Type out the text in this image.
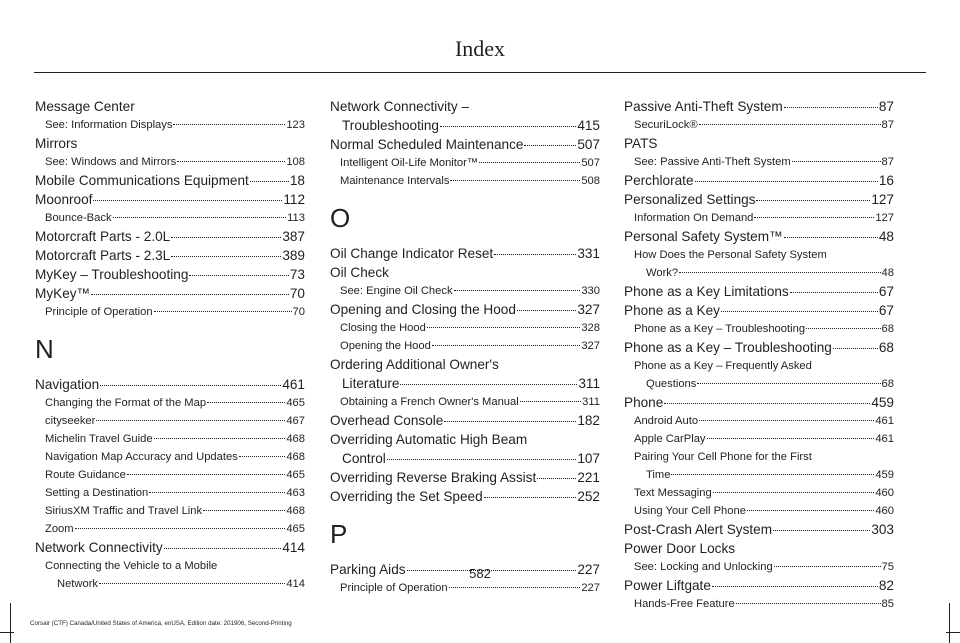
Index
Message Center
See: Information Displays	123
Mirrors
See: Windows and Mirrors	108
Mobile Communications Equipment	18
Moonroof	112
Bounce-Back	113
Motorcraft Parts - 2.0L	387
Motorcraft Parts - 2.3L	389
MyKey – Troubleshooting	73
MyKey™	70
Principle of Operation	70
N
Navigation	461
Changing the Format of the Map	465
cityseeker	467
Michelin Travel Guide	468
Navigation Map Accuracy and Updates	468
Route Guidance	465
Setting a Destination	463
SiriusXM Traffic and Travel Link	468
Zoom	465
Network Connectivity	414
Connecting the Vehicle to a Mobile
Network	414
Network Connectivity –
Troubleshooting	415
Normal Scheduled Maintenance	507
Intelligent Oil-Life Monitor™	507
Maintenance Intervals	508
O
Oil Change Indicator Reset	331
Oil Check
See: Engine Oil Check	330
Opening and Closing the Hood	327
Closing the Hood	328
Opening the Hood	327
Ordering Additional Owner's
Literature	311
Obtaining a French Owner's Manual	311
Overhead Console	182
Overriding Automatic High Beam
Control	107
Overriding Reverse Braking Assist	221
Overriding the Set Speed	252
P
Parking Aids	227
Principle of Operation	227
Passive Anti-Theft System	87
SecuriLock®	87
PATS
See: Passive Anti-Theft System	87
Perchlorate	16
Personalized Settings	127
Information On Demand	127
Personal Safety System™	48
How Does the Personal Safety System
Work?	48
Phone as a Key Limitations	67
Phone as a Key	67
Phone as a Key – Troubleshooting	68
Phone as a Key – Troubleshooting	68
Phone as a Key – Frequently Asked
Questions	68
Phone	459
Android Auto	461
Apple CarPlay	461
Pairing Your Cell Phone for the First
Time	459
Text Messaging	460
Using Your Cell Phone	460
Post-Crash Alert System	303
Power Door Locks
See: Locking and Unlocking	75
Power Liftgate	82
Hands-Free Feature	85
582
Corsair (CTF) Canada/United States of America, enUSA, Edition date: 201906, Second-Printing
